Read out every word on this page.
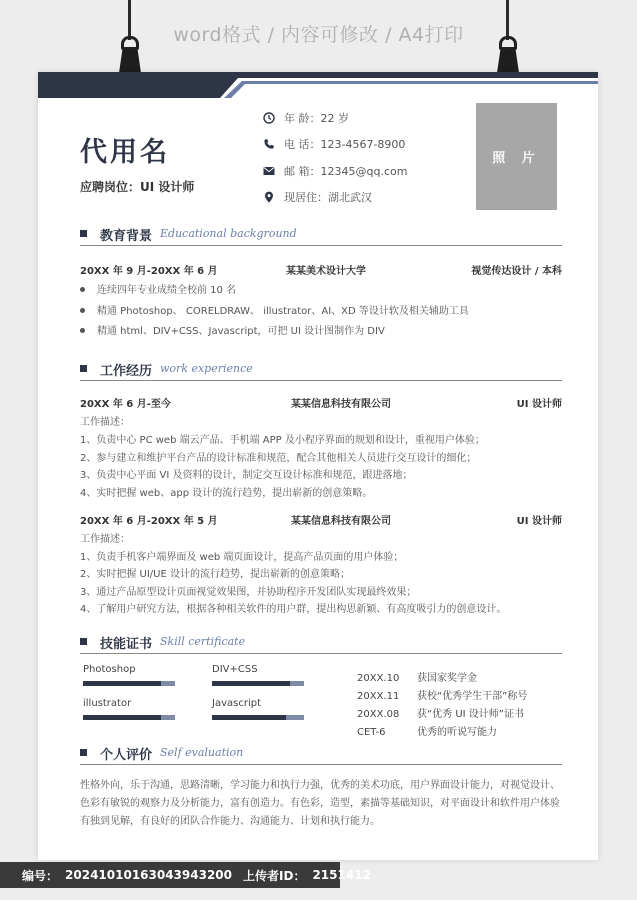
word格式 / 内容可修改 / A4打印
代用名
应聘岗位：UI 设计师
年 龄：22 岁
电 话：123-4567-8900
邮 箱：12345@qq.com
现居住：湖北武汉
照 片
教育背景 Educational background
20XX 年 9 月-20XX 年 6 月	某某美术设计大学	视觉传达设计 / 本科
连续四年专业成绩全校前 10 名
精通 Photoshop、 CORELDRAW、 illustrator、AI、XD 等设计软及相关辅助工具
精通 html、DIV+CSS、Javascript，可把 UI 设计图制作为 DIV
工作经历 work experience
20XX 年 6 月-至今	某某信息科技有限公司	UI 设计师
工作描述：
1、负责中心 PC web 端云产品、手机端 APP 及小程序界面的规划和设计，重视用户体验；
2、参与建立和维护平台产品的设计标准和规范，配合其他相关人员进行交互设计的细化；
3、负责中心平面 VI 及资料的设计，制定交互设计标准和规范，跟进落地；
4、实时把握 web、app 设计的流行趋势，提出崭新的创意策略。
20XX 年 6 月-20XX 年 5 月	某某信息科技有限公司	UI 设计师
工作描述：
1、负责手机客户端界面及 web 端页面设计，提高产品页面的用户体验；
2、实时把握 UI/UE 设计的流行趋势，提出崭新的创意策略；
3、通过产品原型设计页面视觉效果图，并协助程序开发团队实现最终效果；
4、了解用户研究方法，根据各种相关软件的用户群，提出构思新颖、有高度吸引力的创意设计。
技能证书 Skill certificate
Photoshop	DIV+CSS
illustrator	Javascript
20XX.10 获国家奖学金
20XX.11 获校“优秀学生干部”称号
20XX.08 获“优秀 UI 设计师”证书
CET-6	优秀的听说写能力
个人评价 Self evaluation
性格外向，乐于沟通，思路清晰，学习能力和执行力强，优秀的美术功底，用户界面设计能力，对视觉设计、色彩有敏锐的观察力及分析能力，富有创造力。有色彩，造型，素描等基础知识，对平面设计和软件用户体验有独到见解，有良好的团队合作能力、沟通能力、计划和执行能力。
编号： 20241010163043943200 上传者ID： 2151412
